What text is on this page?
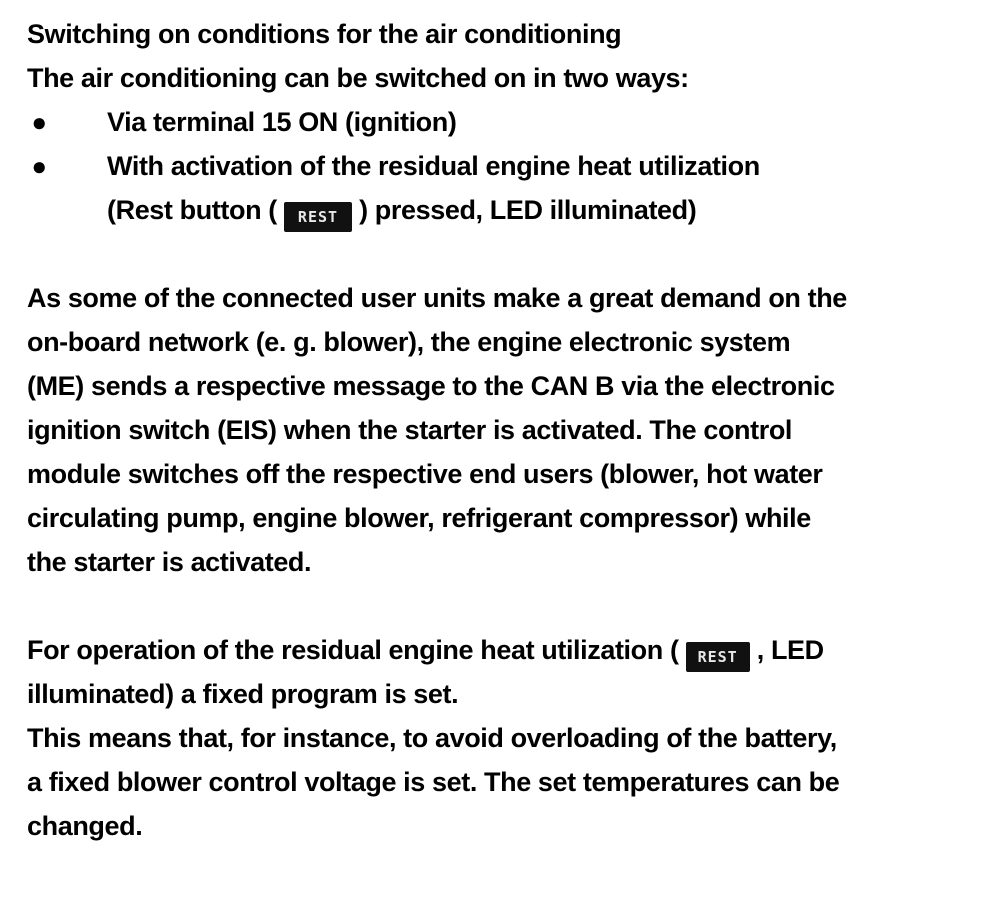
Switching on conditions for the air conditioning
The air conditioning can be switched on in two ways:
● Via terminal 15 ON (ignition)
● With activation of the residual engine heat utilization
(Rest button ( REST ) pressed, LED illuminated)
As some of the connected user units make a great demand on the
on-board network (e. g. blower), the engine electronic system
(ME) sends a respective message to the CAN B via the electronic
ignition switch (EIS) when the starter is activated. The control
module switches off the respective end users (blower, hot water
circulating pump, engine blower, refrigerant compressor) while
the starter is activated.
For operation of the residual engine heat utilization ( REST , LED
illuminated) a fixed program is set.
This means that, for instance, to avoid overloading of the battery,
a fixed blower control voltage is set. The set temperatures can be
changed.
